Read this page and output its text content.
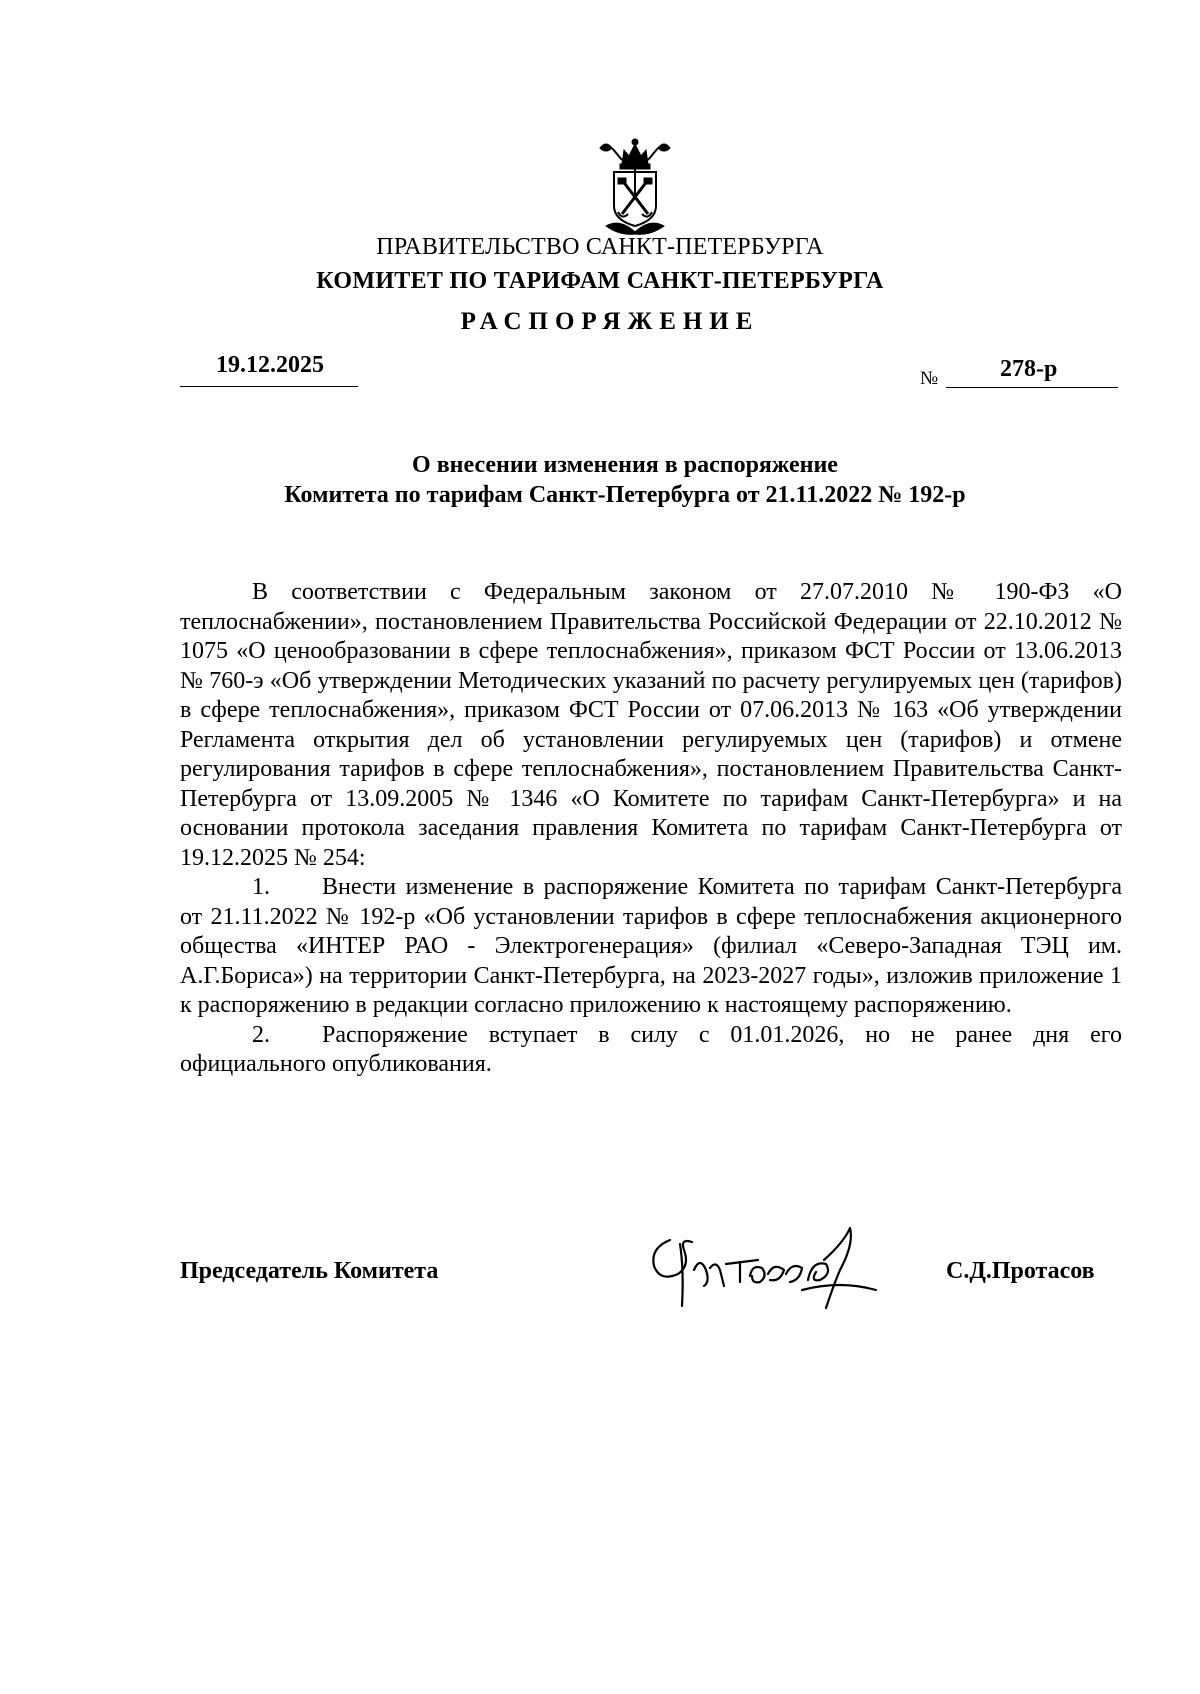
ПРАВИТЕЛЬСТВО САНКТ-ПЕТЕРБУРГА
КОМИТЕТ ПО ТАРИФАМ САНКТ-ПЕТЕРБУРГА
РАСПОРЯЖЕНИЕ
19.12.2025
№	278-р
О внесении изменения в распоряжение
Комитета по тарифам Санкт-Петербурга от 21.11.2022 № 192-р

В соответствии с Федеральным законом от 27.07.2010 № 190-ФЗ «О теплоснабжении», постановлением Правительства Российской Федерации от 22.10.2012 № 1075 «О ценообразовании в сфере теплоснабжения», приказом ФСТ России от 13.06.2013 № 760-э «Об утверждении Методических указаний по расчету регулируемых цен (тарифов) в сфере теплоснабжения», приказом ФСТ России от 07.06.2013 № 163 «Об утверждении Регламента открытия дел об установлении регулируемых цен (тарифов) и отмене регулирования тарифов в сфере теплоснабжения», постановлением Правительства Санкт-Петербурга от 13.09.2005 № 1346 «О Комитете по тарифам Санкт-Петербурга» и на основании протокола заседания правления Комитета по тарифам Санкт-Петербурга от 19.12.2025 № 254:

1. Внести изменение в распоряжение Комитета по тарифам Санкт-Петербурга от 21.11.2022 № 192-р «Об установлении тарифов в сфере теплоснабжения акционерного общества «ИНТЕР РАО - Электрогенерация» (филиал «Северо-Западная ТЭЦ им. А.Г.Бориса») на территории Санкт-Петербурга, на 2023-2027 годы», изложив приложение 1 к распоряжению в редакции согласно приложению к настоящему распоряжению.

2. Распоряжение вступает в силу с 01.01.2026, но не ранее дня его официального опубликования.

Председатель Комитета	С.Д.Протасов
